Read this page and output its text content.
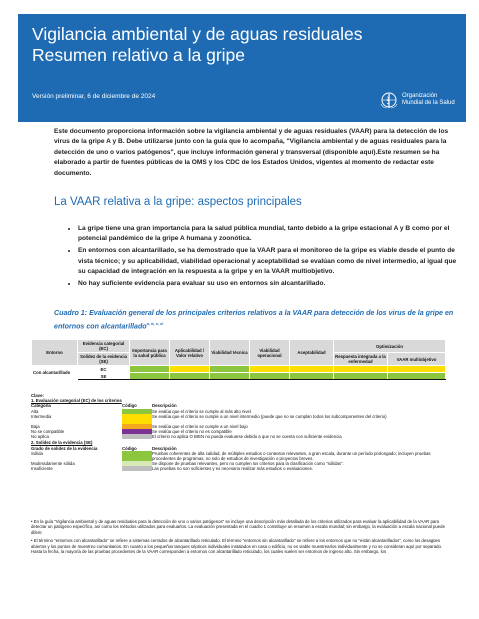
Vigilancia ambiental y de aguas residuales
Resumen relativo a la gripe
Versión preliminar, 6 de diciembre de 2024	Organización
Mundial de la Salud
Este documento proporciona información sobre la vigilancia ambiental y de aguas residuales (VAAR) para la detección de los virus de la gripe A y B. Debe utilizarse junto con la guía que lo acompaña, "Vigilancia ambiental y de aguas residuales para la detección de uno o varios patógenos", que incluye información general y transversal (disponible aquí).Este resumen se ha elaborado a partir de fuentes públicas de la OMS y los CDC de los Estados Unidos, vigentes al momento de redactar este documento.
La VAAR relativa a la gripe: aspectos principales
• La gripe tiene una gran importancia para la salud pública mundial, tanto debido a la gripe estacional A y B como por el potencial pandémico de la gripe A humana y zoonótica.
• En entornos con alcantarillado, se ha demostrado que la VAAR para el monitoreo de la gripe es viable desde el punto de vista técnico; y su aplicabilidad, viabilidad operacional y aceptabilidad se evalúan como de nivel intermedio, al igual que su capacidad de integración en la respuesta a la gripe y en la VAAR multiobjetivo.
• No hay suficiente evidencia para evaluar su uso en entornos sin alcantarillado.
Cuadro 1: Evaluación general de los principales criterios relativos a la VAAR para detección de los virus de la gripe en entornos con alcantarillado$^{a, b, c, d}$
Entorno	Evidencia categorial (EC)	Importancia para la salud pública	Aplicabilidad / Valor relativo	Viabilidad técnica	Viabilidad operacional	Aceptabilidad	Optimización	
	Solidez de la evidencia (SE)						Respuesta integrada a la enfermedad	VAAR multiobjetivo
Con alcantarillado	EC							
	SE							
Clave:
1. Evaluación categorial (EC) de los criterios
Categoría	Código	Descripción
Alta	Se evalúa que el criterio se cumple al más alto nivel
Intermedia	Se evalúa que el criterio se cumple a un nivel intermedio (puede que no se cumplan todos los subcomponentes del criterio)
Baja	Se evalúa que el criterio se cumple a un nivel bajo
No se compatible	Se evalúa que el criterio no es compatible
No aplica	El criterio no aplica O BIEN no pueda evaluarse debido a que no se cuenta con suficiente evidencia
2. Solidez de la evidencia (SE)
Grado de solidez de la evidencia	Código	Descripción
Sólida	Pruebas coherentes de alta calidad, de múltiples estudios o contextos relevantes, a gran escala, durante un período prolongado; incluyen pruebas procedentes de programas, no solo de estudios de investigación o proyectos breves.
Moderadamente sólida	Se dispone de pruebas relevantes, pero no cumplen los criterios para la clasificación como "sólidas".
Insuficiente	Las pruebas no son suficientes y es necesario realizar más estudios o evaluaciones.

• En la guía "Vigilancia ambiental y de aguas residuales para la detección de uno o varios patógenos" se incluye una descripción más detallada de los criterios utilizados para evaluar la aplicabilidad de la VAAR para detectar un patógeno específico, así como los métodos utilizados para evaluarlos. La evaluación presentada en el cuadro 1 constituye un resumen a escala mundial; sin embargo, la evaluación a escala nacional puede diferir.

• El término "entornos con alcantarillado" se refiere a sistemas cerrados de alcantarillado reticulado. El término "entornos sin alcantarillado" se refiere a los entornos que no "están alcantarillados", como los desagües abiertos y los puntos de muestreo comunitarios. En cuanto a los pequeños tanques sépticos individuales instalados en casa o edificio, no es viable muestrearlos individualmente y no se consideran aquí por separado. Hasta la fecha, la mayoría de las pruebas procedentes de la VAAR corresponden a entornos con alcantarillado reticulado, los cuales suelen ser entornos de ingreso alto. Sin embargo, los
